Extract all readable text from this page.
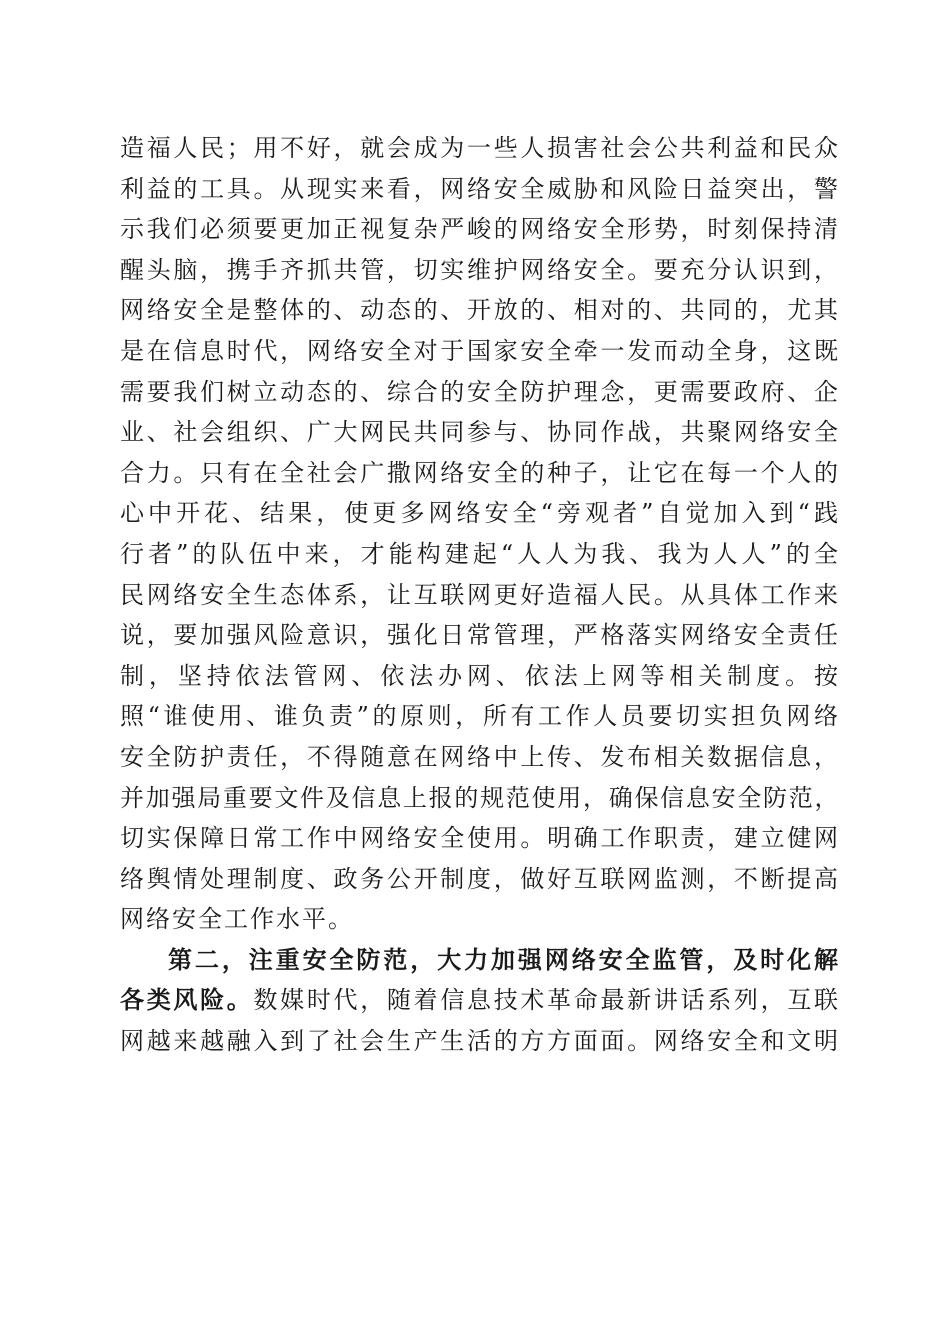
造福人民；用不好，就会成为一些人损害社会公共利益和民众
利益的工具。从现实来看，网络安全威胁和风险日益突出，警
示我们必须要更加正视复杂严峻的网络安全形势，时刻保持清
醒头脑，携手齐抓共管，切实维护网络安全。要充分认识到，
网络安全是整体的、动态的、开放的、相对的、共同的，尤其
是在信息时代，网络安全对于国家安全牵一发而动全身，这既
需要我们树立动态的、综合的安全防护理念，更需要政府、企
业、社会组织、广大网民共同参与、协同作战，共聚网络安全
合力。只有在全社会广撒网络安全的种子，让它在每一个人的
心中开花、结果，使更多网络安全“旁观者”自觉加入到“践
行者”的队伍中来，才能构建起“人人为我、我为人人”的全
民网络安全生态体系，让互联网更好造福人民。从具体工作来
说，要加强风险意识，强化日常管理，严格落实网络安全责任
制，坚持依法管网、依法办网、依法上网等相关制度。按
照“谁使用、谁负责”的原则，所有工作人员要切实担负网络
安全防护责任，不得随意在网络中上传、发布相关数据信息，
并加强局重要文件及信息上报的规范使用，确保信息安全防范，
切实保障日常工作中网络安全使用。明确工作职责，建立健网
络舆情处理制度、政务公开制度，做好互联网监测，不断提高
网络安全工作水平。
第二，注重安全防范，大力加强网络安全监管，及时化解
各类风险。数媒时代，随着信息技术革命最新讲话系列，互联
网越来越融入到了社会生产生活的方方面面。网络安全和文明
